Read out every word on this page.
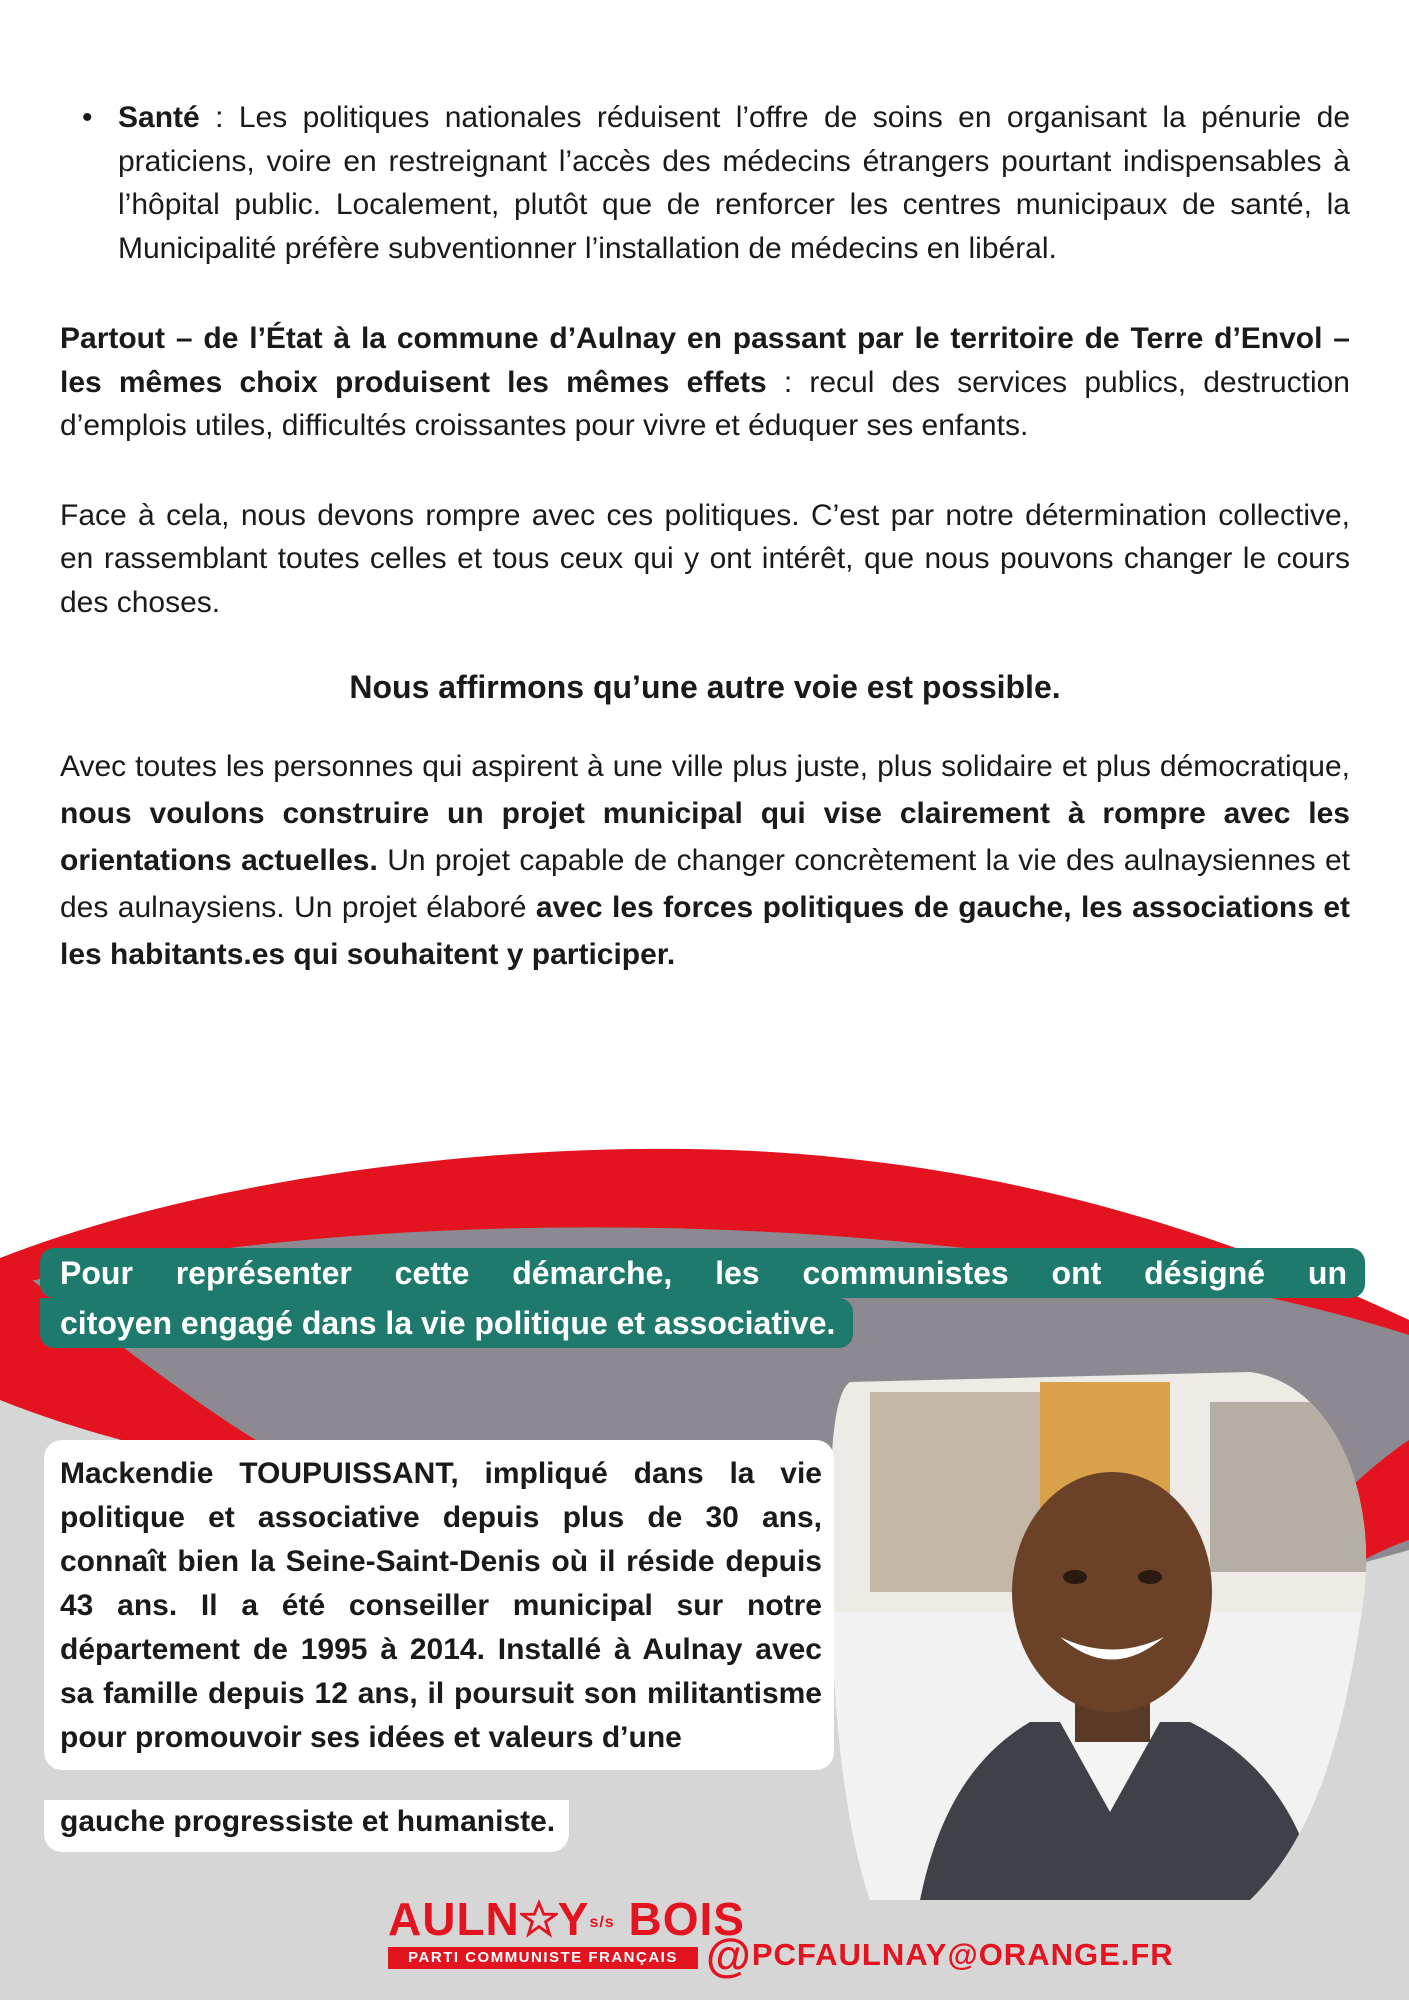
• Santé : Les politiques nationales réduisent l’offre de soins en organisant la pénurie de praticiens, voire en restreignant l’accès des médecins étrangers pourtant indispensables à l’hôpital public. Localement, plutôt que de renforcer les centres municipaux de santé, la Municipalité préfère subventionner l’installation de médecins en libéral.

Partout – de l’État à la commune d’Aulnay en passant par le territoire de Terre d’Envol – les mêmes choix produisent les mêmes effets : recul des services publics, destruction d’emplois utiles, difficultés croissantes pour vivre et éduquer ses enfants.

Face à cela, nous devons rompre avec ces politiques. C’est par notre détermination collective, en rassemblant toutes celles et tous ceux qui y ont intérêt, que nous pouvons changer le cours des choses.

Nous affirmons qu’une autre voie est possible.

Avec toutes les personnes qui aspirent à une ville plus juste, plus solidaire et plus démocratique, nous voulons construire un projet municipal qui vise clairement à rompre avec les orientations actuelles. Un projet capable de changer concrètement la vie des aulnaysiennes et des aulnaysiens. Un projet élaboré avec les forces politiques de gauche, les associations et les habitants.es qui souhaitent y participer.

Pour représenter cette démarche, les communistes ont désigné un
citoyen engagé dans la vie politique et associative.

Mackendie TOUPUISSANT, impliqué dans la vie politique et associative depuis plus de 30 ans, connaît bien la Seine-Saint-Denis où il réside depuis 43 ans. Il a été conseiller municipal sur notre département de 1995 à 2014. Installé à Aulnay avec sa famille depuis 12 ans, il poursuit son militantisme pour promouvoir ses idées et valeurs d’une

gauche progressiste et humaniste.
AULN Ys/s BOIS
PARTI COMMUNISTE FRANÇAIS @PCFAULNAY@ORANGE.FR
